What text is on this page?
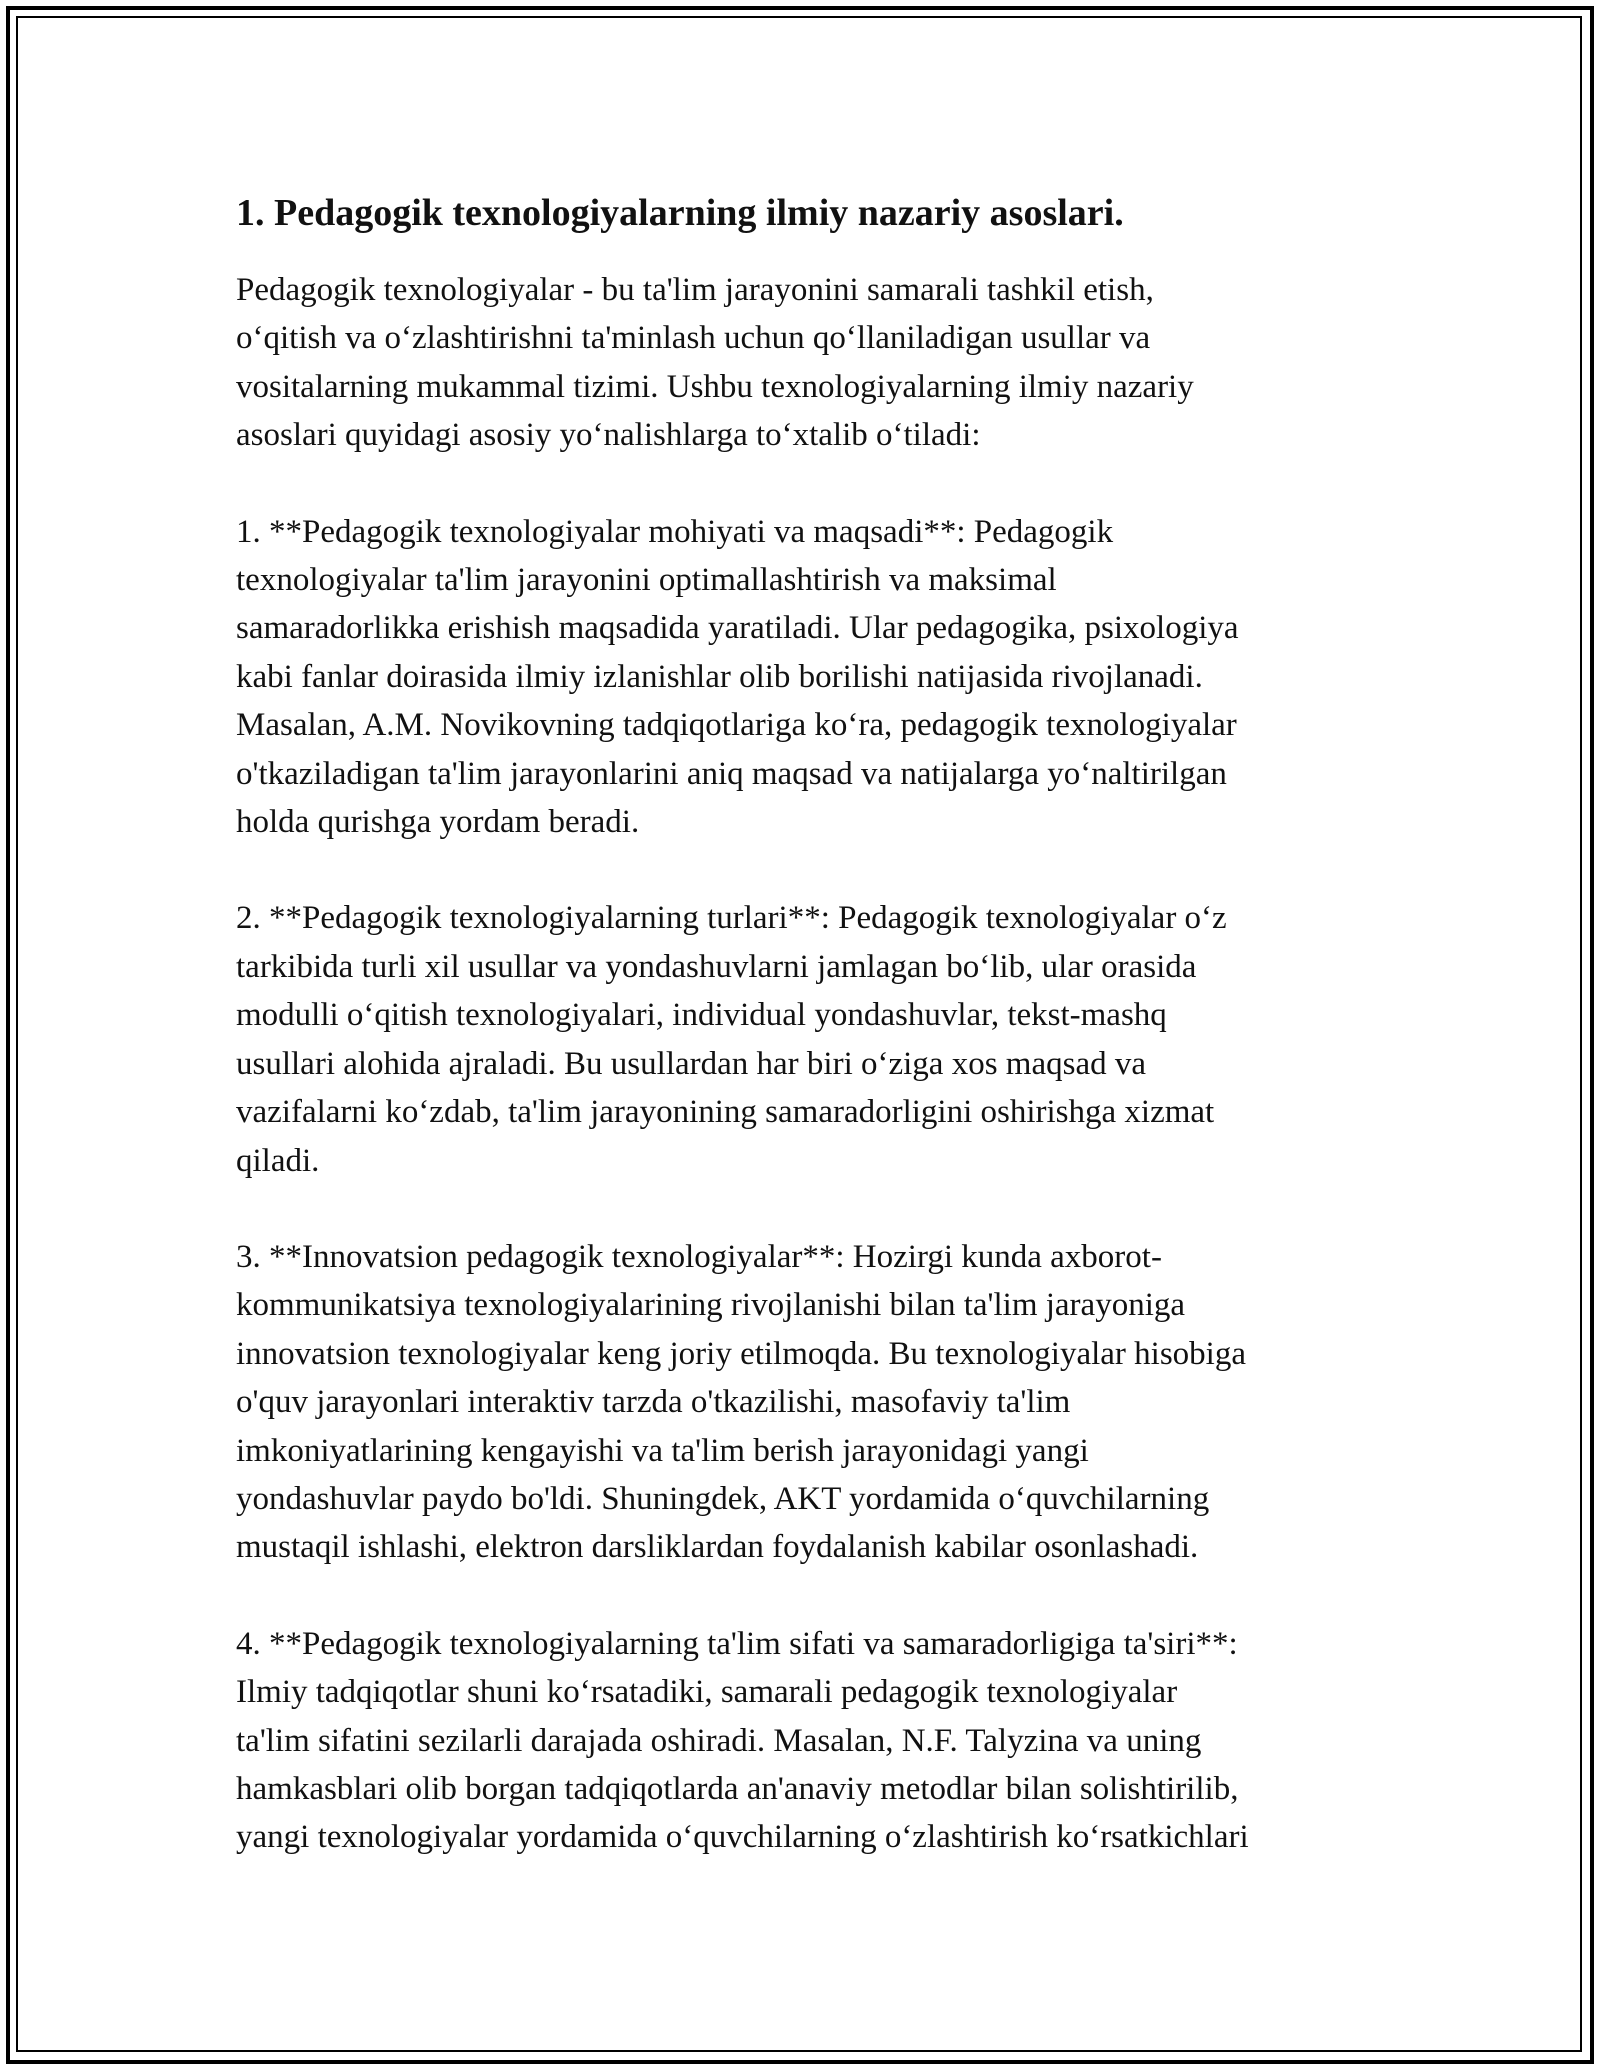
1. Pedagogik texnologiyalarning ilmiy nazariy asoslari.
Pedagogik texnologiyalar - bu ta'lim jarayonini samarali tashkil etish,
o‘qitish va o‘zlashtirishni ta'minlash uchun qo‘llaniladigan usullar va
vositalarning mukammal tizimi. Ushbu texnologiyalarning ilmiy nazariy
asoslari quyidagi asosiy yo‘nalishlarga to‘xtalib o‘tiladi:
1. **Pedagogik texnologiyalar mohiyati va maqsadi**: Pedagogik
texnologiyalar ta'lim jarayonini optimallashtirish va maksimal
samaradorlikka erishish maqsadida yaratiladi. Ular pedagogika, psixologiya
kabi fanlar doirasida ilmiy izlanishlar olib borilishi natijasida rivojlanadi.
Masalan, A.M. Novikovning tadqiqotlariga ko‘ra, pedagogik texnologiyalar
o'tkaziladigan ta'lim jarayonlarini aniq maqsad va natijalarga yo‘naltirilgan
holda qurishga yordam beradi.
2. **Pedagogik texnologiyalarning turlari**: Pedagogik texnologiyalar o‘z
tarkibida turli xil usullar va yondashuvlarni jamlagan bo‘lib, ular orasida
modulli o‘qitish texnologiyalari, individual yondashuvlar, tekst-mashq
usullari alohida ajraladi. Bu usullardan har biri o‘ziga xos maqsad va
vazifalarni ko‘zdab, ta'lim jarayonining samaradorligini oshirishga xizmat
qiladi.
3. **Innovatsion pedagogik texnologiyalar**: Hozirgi kunda axborot-
kommunikatsiya texnologiyalarining rivojlanishi bilan ta'lim jarayoniga
innovatsion texnologiyalar keng joriy etilmoqda. Bu texnologiyalar hisobiga
o'quv jarayonlari interaktiv tarzda o'tkazilishi, masofaviy ta'lim
imkoniyatlarining kengayishi va ta'lim berish jarayonidagi yangi
yondashuvlar paydo bo'ldi. Shuningdek, AKT yordamida o‘quvchilarning
mustaqil ishlashi, elektron darsliklardan foydalanish kabilar osonlashadi.
4. **Pedagogik texnologiyalarning ta'lim sifati va samaradorligiga ta'siri**:
Ilmiy tadqiqotlar shuni ko‘rsatadiki, samarali pedagogik texnologiyalar
ta'lim sifatini sezilarli darajada oshiradi. Masalan, N.F. Talyzina va uning
hamkasblari olib borgan tadqiqotlarda an'anaviy metodlar bilan solishtirilib,
yangi texnologiyalar yordamida o‘quvchilarning o‘zlashtirish ko‘rsatkichlari
